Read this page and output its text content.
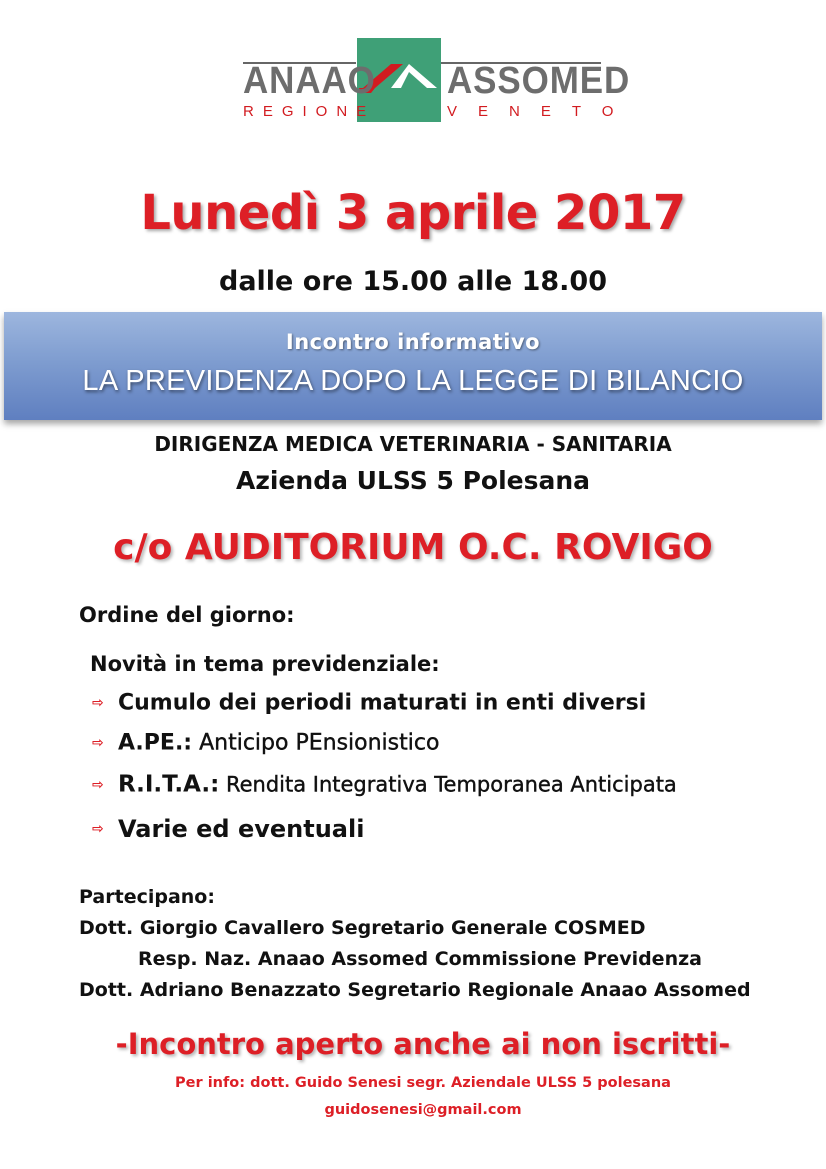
ANAAO ASSOMED
REGIONE	VENETO
Lunedì 3 aprile 2017
dalle ore 15.00 alle 18.00
Incontro informativo
LA PREVIDENZA DOPO LA LEGGE DI BILANCIO
DIRIGENZA MEDICA VETERINARIA - SANITARIA
Azienda ULSS 5 Polesana
c/o AUDITORIUM O.C. ROVIGO
Ordine del giorno:
Novità in tema previdenziale:
⇨ Cumulo dei periodi maturati in enti diversi
⇨ A.PE.: Anticipo PEnsionistico
⇨ R.I.T.A.: Rendita Integrativa Temporanea Anticipata
⇨ Varie ed eventuali
Partecipano:
Dott. Giorgio Cavallero Segretario Generale COSMED
Resp. Naz. Anaao Assomed Commissione Previdenza
Dott. Adriano Benazzato Segretario Regionale Anaao Assomed
-Incontro aperto anche ai non iscritti-
Per info: dott. Guido Senesi segr. Aziendale ULSS 5 polesana
guidosenesi@gmail.com
